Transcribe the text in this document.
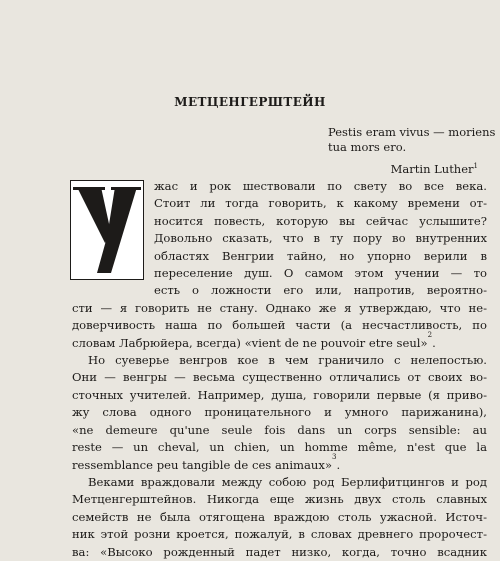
МЕТЦЕНГЕРШТЕЙН
Pestis eram vivus — moriens
tua mors ero.
Martin Luther$^1$
жас и рок шествовали по свету во все века.
Стоит ли тогда говорить, к какому времени от-
носится повесть, которую вы сейчас услышите?
Довольно сказать, что в ту пору во внутренних
областях Венгрии тайно, но упорно верили в
переселение душ. О самом этом учении — то
есть о ложности его или, напротив, вероятно-
сти — я говорить не стану. Однако же я утверждаю, что не-
доверчивость наша по большей части (а несчастливость, по
словам Лабрюйера, всегда) «vient de ne pouvoir etre seul»$^2$.
Но суеверье венгров кое в чем граничило с нелепостью.
Они — венгры — весьма существенно отличались от своих во-
сточных учителей. Например, душа, говорили первые (я приво-
жу слова одного проницательного и умного парижанина),
«ne demeure qu'une seule fois dans un corps sensible: au
reste — un cheval, un chien, un homme même, n'est que la
ressemblance peu tangible de ces animaux»$^3$.
Веками враждовали между собою род Берлифитцингов и род
Метценгерштейнов. Никогда еще жизнь двух столь славных
семейств не была отягощена враждою столь ужасной. Источ-
ник этой розни кроется, пожалуй, в словах древнего пророчест-
ва: «Высоко рожденный падет низко, когда, точно всадник
